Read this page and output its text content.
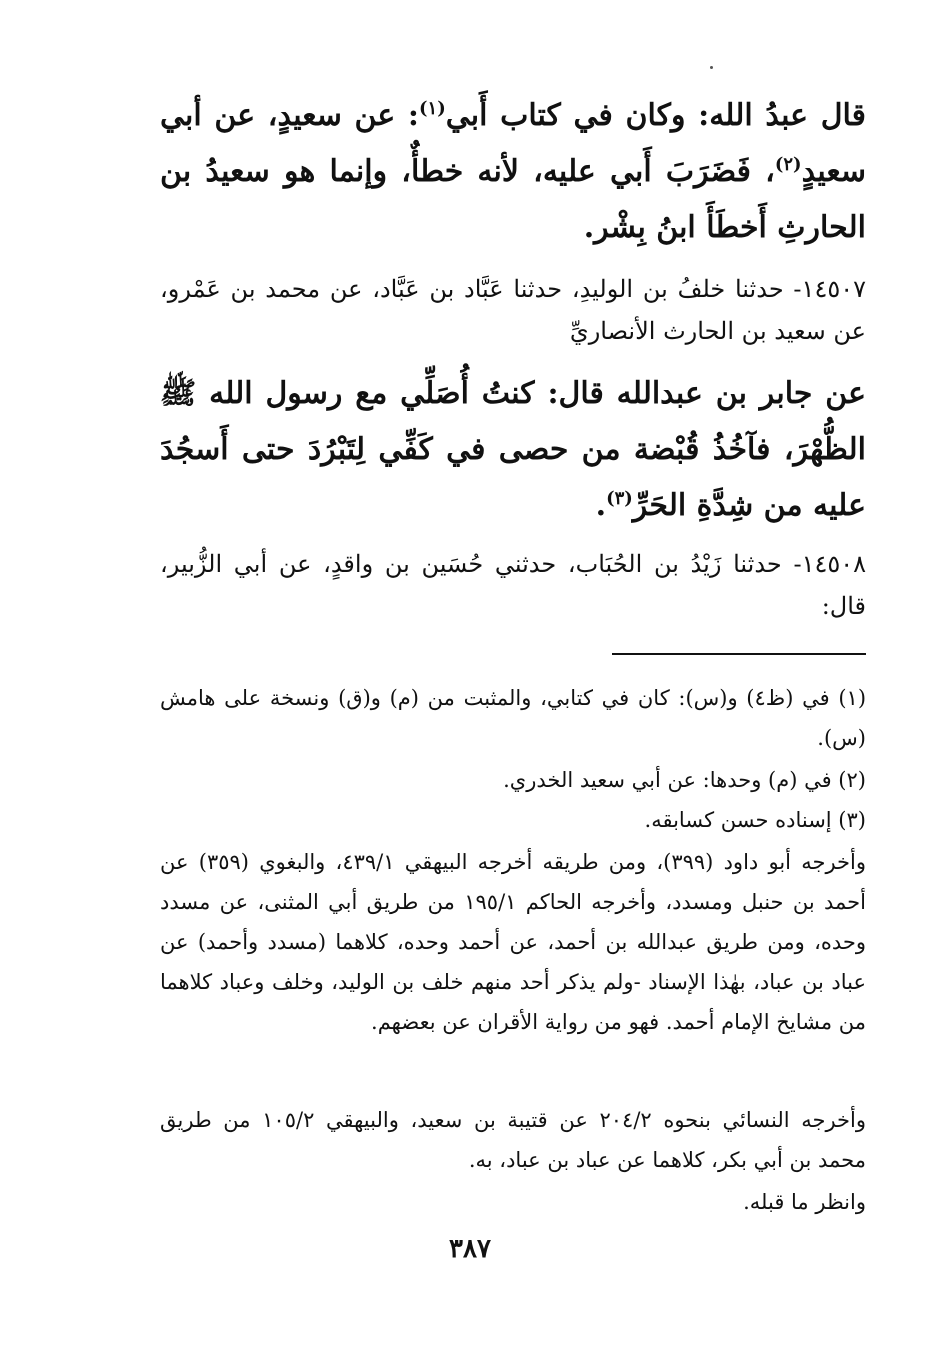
قال عبدُ الله: وكان في كتاب أَبي$^{(١)}$: عن سعيدٍ، عن أبي سعيدٍ$^{(٢)}$، فَضَرَبَ أَبي عليه، لأنه خطأٌ، وإنما هو سعيدُ بن الحارثِ أَخطَأَ ابنُ بِشْر.
١٤٥٠٧- حدثنا خلفُ بن الوليدِ، حدثنا عَبَّاد بن عَبَّاد، عن محمد بن عَمْرو، عن سعيد بن الحارث الأنصاريِّ
عن جابر بن عبدالله قال: كنتُ أُصَلِّي مع رسول الله ﷺ الظُّهْرَ، فآخُذُ قُبْضة من حصى في كَفِّي لِتَبْرُدَ حتى أَسجُدَ عليه من شِدَّةِ الحَرِّ$^{(٣)}$.
١٤٥٠٨- حدثنا زَيْدُ بن الحُبَاب، حدثني حُسَين بن واقدٍ، عن أبي الزُّبير، قال:
(١) في (ظ٤) و(س): كان في كتابي، والمثبت من (م) و(ق) ونسخة على هامش (س).
(٢) في (م) وحدها: عن أبي سعيد الخدري.
(٣) إسناده حسن كسابقه.
وأخرجه أبو داود (٣٩٩)، ومن طريقه أخرجه البيهقي ٤٣٩/١، والبغوي (٣٥٩) عن أحمد بن حنبل ومسدد، وأخرجه الحاكم ١٩٥/١ من طريق أبي المثنى، عن مسدد وحده، ومن طريق عبدالله بن أحمد، عن أحمد وحده، كلاهما (مسدد وأحمد) عن عباد بن عباد، بهٰذا الإسناد -ولم يذكر أحد منهم خلف بن الوليد، وخلف وعباد كلاهما من مشايخ الإمام أحمد. فهو من رواية الأقران عن بعضهم.
وأخرجه النسائي بنحوه ٢٠٤/٢ عن قتيبة بن سعيد، والبيهقي ١٠٥/٢ من طريق محمد بن أبي بكر، كلاهما عن عباد بن عباد، به.
وانظر ما قبله.
٣٨٧
